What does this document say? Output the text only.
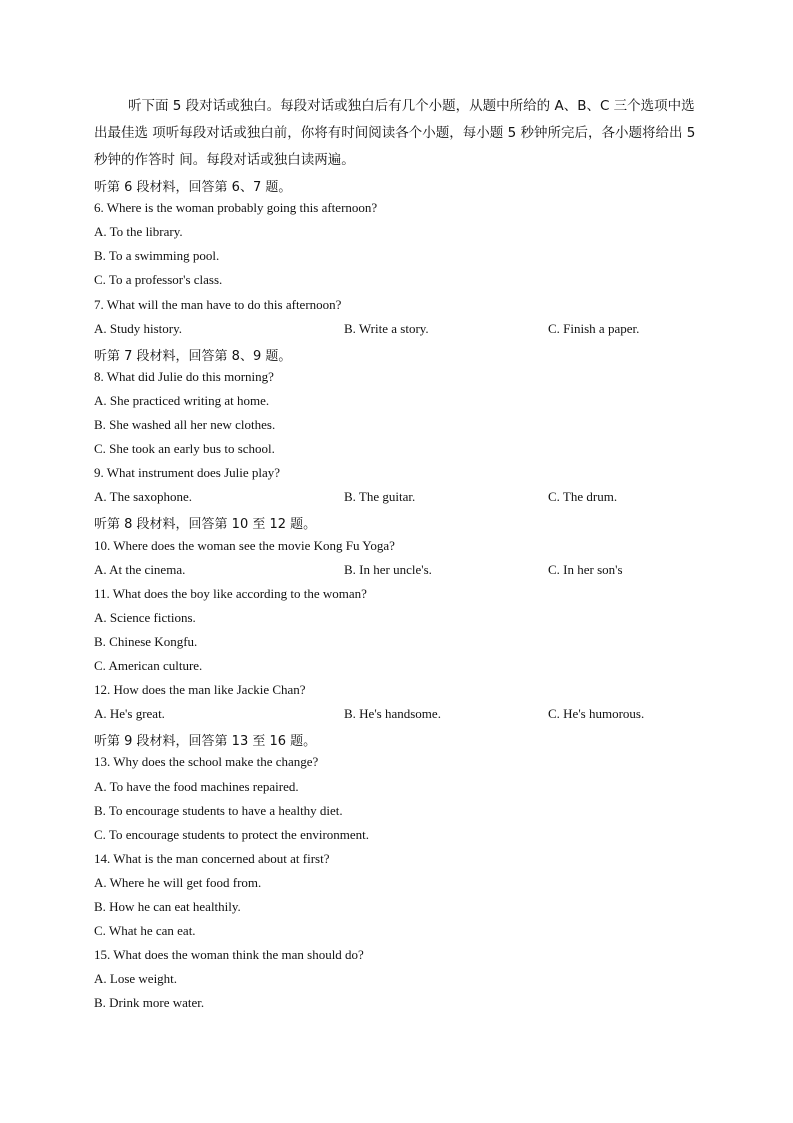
听下面 5 段对话或独白。每段对话或独白后有几个小题，从题中所给的 A、B、C 三个选项中选出最佳选 项听每段对话或独白前，你将有时间阅读各个小题，每小题 5 秒钟所完后，各小题将给出 5 秒钟的作答时 间。每段对话或独白读两遍。
听第 6 段材料，回答第 6、7 题。
6. Where is the woman probably going this afternoon?
A. To the library.
B. To a swimming pool.
C. To a professor's class.
7. What will the man have to do this afternoon?
A. Study history.	B. Write a story.	C. Finish a paper.
听第 7 段材料，回答第 8、9 题。
8. What did Julie do this morning?
A. She practiced writing at home.
B. She washed all her new clothes.
C. She took an early bus to school.
9. What instrument does Julie play?
A. The saxophone.	B. The guitar.	C. The drum.
听第 8 段材料，回答第 10 至 12 题。
10. Where does the woman see the movie Kong Fu Yoga?
A. At the cinema.	B. In her uncle's.	C. In her son's
11. What does the boy like according to the woman?
A. Science fictions.
B. Chinese Kongfu.
C. American culture.
12. How does the man like Jackie Chan?
A. He's great.	B. He's handsome.	C. He's humorous.
听第 9 段材料，回答第 13 至 16 题。
13. Why does the school make the change?
A. To have the food machines repaired.
B. To encourage students to have a healthy diet.
C. To encourage students to protect the environment.
14. What is the man concerned about at first?
A. Where he will get food from.
B. How he can eat healthily.
C. What he can eat.
15. What does the woman think the man should do?
A. Lose weight.
B. Drink more water.
